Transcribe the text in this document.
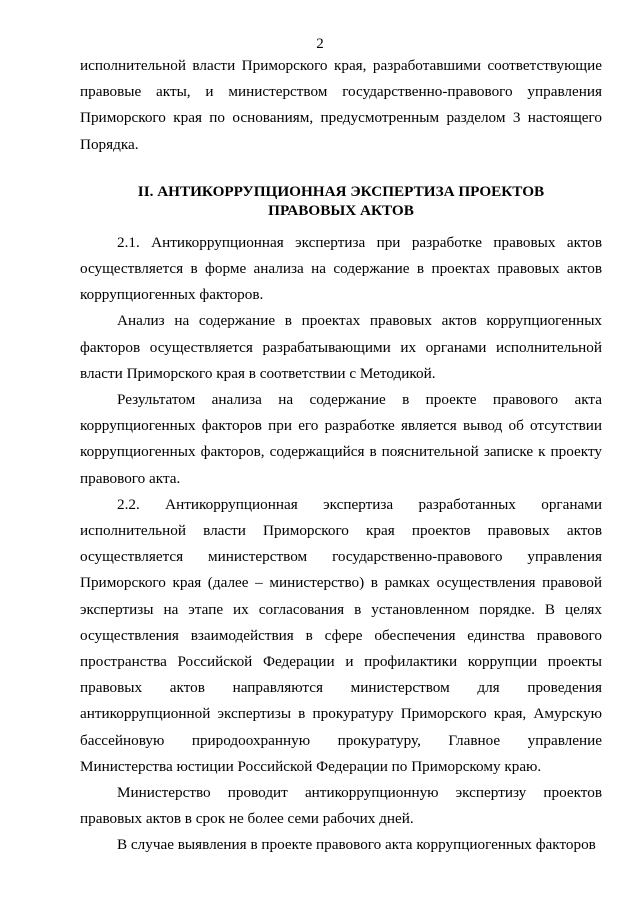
2

исполнительной власти Приморского края, разработавшими соответствующие правовые акты, и министерством государственно-правового управления Приморского края по основаниям, предусмотренным разделом 3 настоящего Порядка.

II. АНТИКОРРУПЦИОННАЯ ЭКСПЕРТИЗА ПРОЕКТОВ
ПРАВОВЫХ АКТОВ

2.1. Антикоррупционная экспертиза при разработке правовых актов осуществляется в форме анализа на содержание в проектах правовых актов коррупциогенных факторов.

Анализ на содержание в проектах правовых актов коррупциогенных факторов осуществляется разрабатывающими их органами исполнительной власти Приморского края в соответствии с Методикой.

Результатом анализа на содержание в проекте правового акта коррупциогенных факторов при его разработке является вывод об отсутствии коррупциогенных факторов, содержащийся в пояснительной записке к проекту правового акта.

2.2. Антикоррупционная экспертиза разработанных органами исполнительной власти Приморского края проектов правовых актов осуществляется министерством государственно-правового управления Приморского края (далее – министерство) в рамках осуществления правовой экспертизы на этапе их согласования в установленном порядке. В целях осуществления взаимодействия в сфере обеспечения единства правового пространства Российской Федерации и профилактики коррупции проекты правовых актов направляются министерством для проведения антикоррупционной экспертизы в прокуратуру Приморского края, Амурскую бассейновую природоохранную прокуратуру, Главное управление Министерства юстиции Российской Федерации по Приморскому краю.

Министерство проводит антикоррупционную экспертизу проектов правовых актов в срок не более семи рабочих дней.

В случае выявления в проекте правового акта коррупциогенных факторов
